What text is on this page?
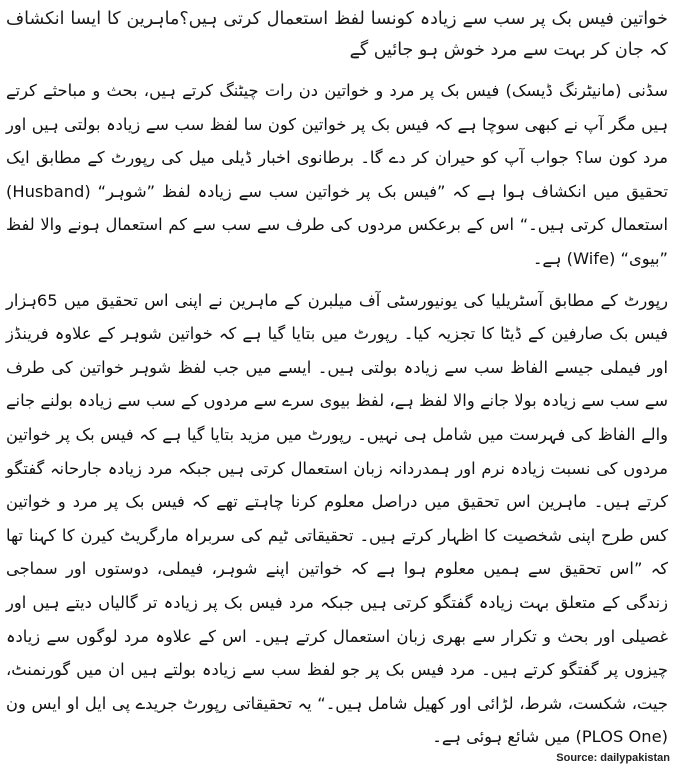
خواتین فیس بک پر سب سے زیادہ کونسا لفظ استعمال کرتی ہیں؟ماہرین کا ایسا انکشاف کہ جان کر بہت سے مرد خوش ہو جائیں گے

سڈنی (مانیٹرنگ ڈیسک) فیس بک پر مرد و خواتین دن رات چیٹنگ کرتے ہیں، بحث و مباحثے کرتے ہیں مگر آپ نے کبھی سوچا ہے کہ فیس بک پر خواتین کون سا لفظ سب سے زیادہ بولتی ہیں اور مرد کون سا؟ جواب آپ کو حیران کر دے گا۔ برطانوی اخبار ڈیلی میل کی رپورٹ کے مطابق ایک تحقیق میں انکشاف ہوا ہے کہ ”فیس بک پر خواتین سب سے زیادہ لفظ ”شوہر“ (Husband) استعمال کرتی ہیں۔“ اس کے برعکس مردوں کی طرف سے سب سے کم استعمال ہونے والا لفظ ”بیوی“ (Wife) ہے۔

رپورٹ کے مطابق آسٹریلیا کی یونیورسٹی آف میلبرن کے ماہرین نے اپنی اس تحقیق میں 65ہزار فیس بک صارفین کے ڈیٹا کا تجزیہ کیا۔ رپورٹ میں بتایا گیا ہے کہ خواتین شوہر کے علاوہ فرینڈز اور فیملی جیسے الفاظ سب سے زیادہ بولتی ہیں۔ ایسے میں جب لفظ شوہر خواتین کی طرف سے سب سے زیادہ بولا جانے والا لفظ ہے، لفظ بیوی سرے سے مردوں کے سب سے زیادہ بولنے جانے والے الفاظ کی فہرست میں شامل ہی نہیں۔ رپورٹ میں مزید بتایا گیا ہے کہ فیس بک پر خواتین مردوں کی نسبت زیادہ نرم اور ہمدردانہ زبان استعمال کرتی ہیں جبکہ مرد زیادہ جارحانہ گفتگو کرتے ہیں۔ ماہرین اس تحقیق میں دراصل معلوم کرنا چاہتے تھے کہ فیس بک پر مرد و خواتین کس طرح اپنی شخصیت کا اظہار کرتے ہیں۔ تحقیقاتی ٹیم کی سربراہ مارگریٹ کیرن کا کہنا تھا کہ ”اس تحقیق سے ہمیں معلوم ہوا ہے کہ خواتین اپنے شوہر، فیملی، دوستوں اور سماجی زندگی کے متعلق بہت زیادہ گفتگو کرتی ہیں جبکہ مرد فیس بک پر زیادہ تر گالیاں دیتے ہیں اور غصیلی اور بحث و تکرار سے بھری زبان استعمال کرتے ہیں۔ اس کے علاوہ مرد لوگوں سے زیادہ چیزوں پر گفتگو کرتے ہیں۔ مرد فیس بک پر جو لفظ سب سے زیادہ بولتے ہیں ان میں گورنمنٹ، جیت، شکست، شرط، لڑائی اور کھیل شامل ہیں۔“ یہ تحقیقاتی رپورٹ جریدے پی ایل او ایس ون (PLOS One) میں شائع ہوئی ہے۔

Source: dailypakistan
